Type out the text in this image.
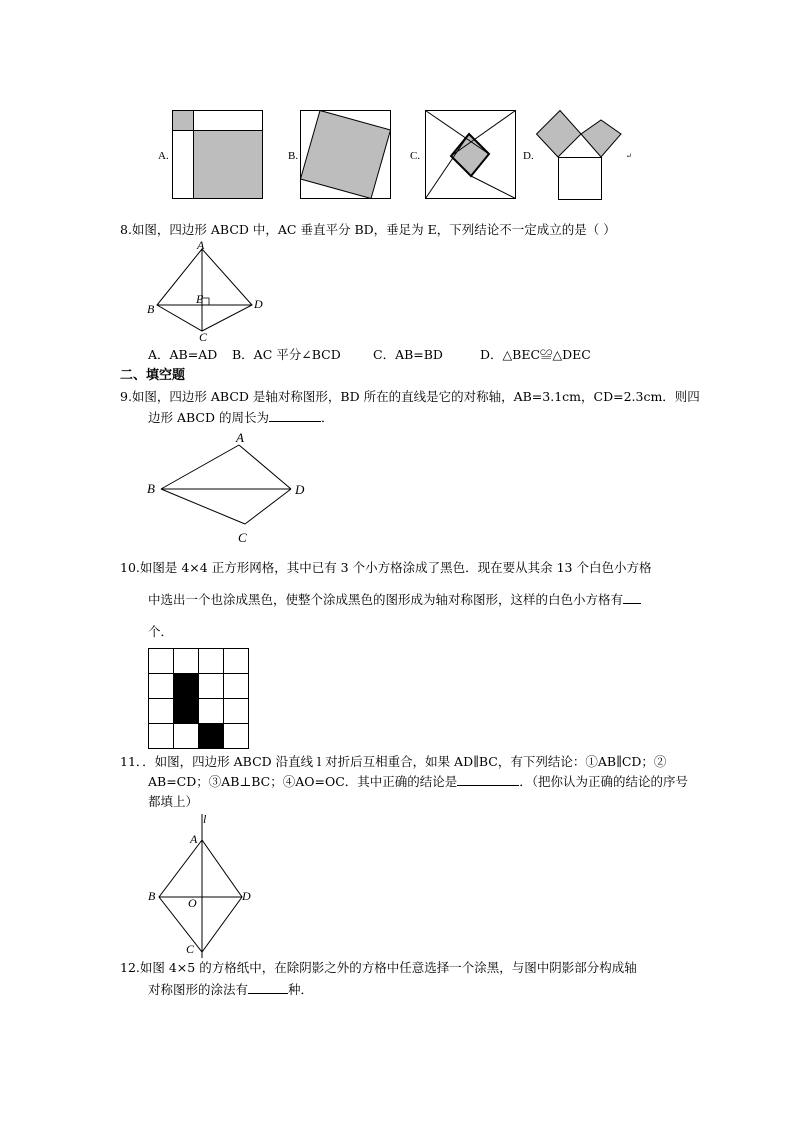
A.	B.	C.	D.	↵
8.如图，四边形 ABCD 中，AC 垂直平分 BD，垂足为 E，下列结论不一定成立的是（ ）
A
B
E	D
C
A．AB=AD B．AC 平分∠BCD	C．AB=BD	D．△BEC≌△DEC
二、填空题
9.如图，四边形 ABCD 是轴对称图形，BD 所在的直线是它的对称轴，AB=3.1cm，CD=2.3cm．则四
边形 ABCD 的周长为	．
A
B	D
C
10.如图是 4×4 正方形网格，其中已有 3 个小方格涂成了黑色．现在要从其余 13 个白色小方格
中选出一个也涂成黑色，使整个涂成黑色的图形成为轴对称图形，这样的白色小方格有
个．
11．．如图，四边形 ABCD 沿直线 l 对折后互相重合，如果 AD∥BC，有下列结论：①AB∥CD；②
AB=CD；③AB⊥BC；④AO=OC．其中正确的结论是	．（把你认为正确的结论的序号
都填上）
l
A
B	O	D
C
12.如图 4×5 的方格纸中，在除阴影之外的方格中任意选择一个涂黑，与图中阴影部分构成轴
对称图形的涂法有	种．
